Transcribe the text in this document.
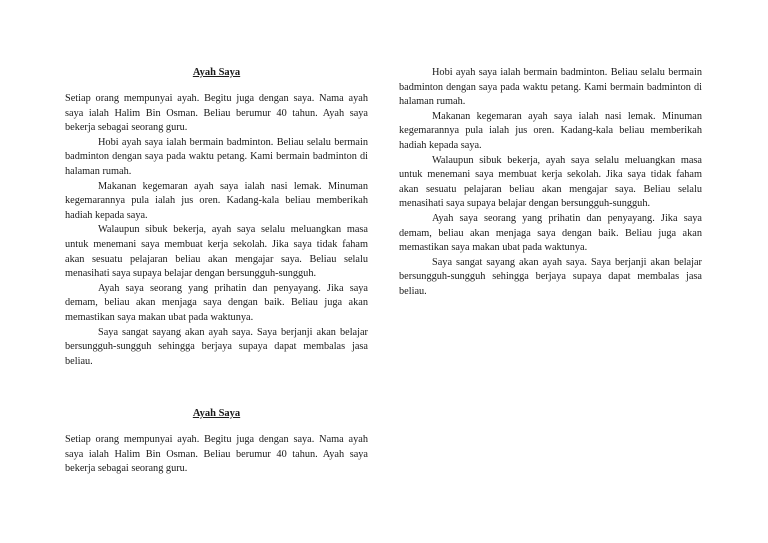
Ayah Saya

Setiap orang mempunyai ayah. Begitu juga dengan saya. Nama ayah saya ialah Halim Bin Osman. Beliau berumur 40 tahun. Ayah saya bekerja sebagai seorang guru.

Hobi ayah saya ialah bermain badminton. Beliau selalu bermain badminton dengan saya pada waktu petang. Kami bermain badminton di halaman rumah.

Makanan kegemaran ayah saya ialah nasi lemak. Minuman kegemarannya pula ialah jus oren. Kadang-kala beliau memberikah hadiah kepada saya.

Walaupun sibuk bekerja, ayah saya selalu meluangkan masa untuk menemani saya membuat kerja sekolah. Jika saya tidak faham akan sesuatu pelajaran beliau akan mengajar saya. Beliau selalu menasihati saya supaya belajar dengan bersungguh-sungguh.

Ayah saya seorang yang prihatin dan penyayang. Jika saya demam, beliau akan menjaga saya dengan baik. Beliau juga akan memastikan saya makan ubat pada waktunya.

Saya sangat sayang akan ayah saya. Saya berjanji akan belajar bersungguh-sungguh sehingga berjaya supaya dapat membalas jasa beliau.

Hobi ayah saya ialah bermain badminton. Beliau selalu bermain badminton dengan saya pada waktu petang. Kami bermain badminton di halaman rumah.

Makanan kegemaran ayah saya ialah nasi lemak. Minuman kegemarannya pula ialah jus oren. Kadang-kala beliau memberikah hadiah kepada saya.

Walaupun sibuk bekerja, ayah saya selalu meluangkan masa untuk menemani saya membuat kerja sekolah. Jika saya tidak faham akan sesuatu pelajaran beliau akan mengajar saya. Beliau selalu menasihati saya supaya belajar dengan bersungguh-sungguh.

Ayah saya seorang yang prihatin dan penyayang. Jika saya demam, beliau akan menjaga saya dengan baik. Beliau juga akan memastikan saya makan ubat pada waktunya.

Saya sangat sayang akan ayah saya. Saya berjanji akan belajar bersungguh-sungguh sehingga berjaya supaya dapat membalas jasa beliau.

Ayah Saya

Setiap orang mempunyai ayah. Begitu juga dengan saya. Nama ayah saya ialah Halim Bin Osman. Beliau berumur 40 tahun. Ayah saya bekerja sebagai seorang guru.
